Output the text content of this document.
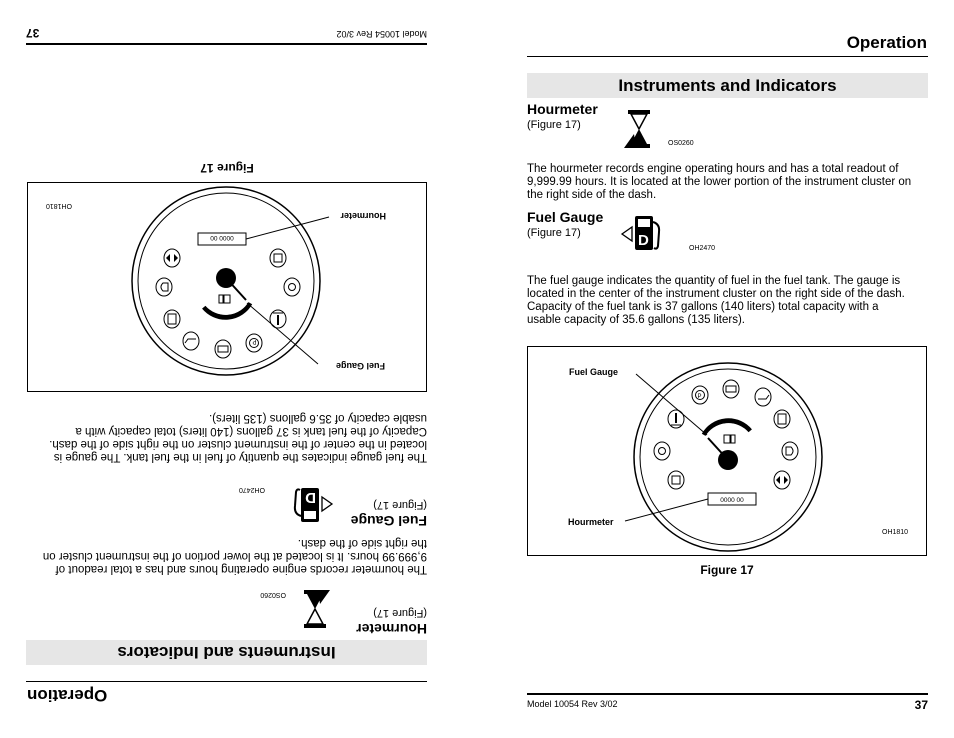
Operation
Instruments and Indicators
Hourmeter
(Figure 17)
OS0260
The hourmeter records engine operating hours and has a total readout of
9,999.99 hours. It is located at the lower portion of the instrument cluster on
the right side of the dash.
Fuel Gauge
(Figure 17)	D	OH2470
The fuel gauge indicates the quantity of fuel in the fuel tank. The gauge is
located in the center of the instrument cluster on the right side of the dash.
Capacity of the fuel tank is 37 gallons (140 liters) total capacity with a
usable capacity of 35.6 gallons (135 liters).
P
0000 00
Fuel Gauge
Hourmeter
OH1810
Figure 17
Model 10054 Rev 3/02	37
Operation
Instruments and Indicators
Hourmeter
(Figure 17)
OS0260
The hourmeter records engine operating hours and has a total readout of
9,999.99 hours. It is located at the lower portion of the instrument cluster on
the right side of the dash.
Fuel Gauge
(Figure 17)
D
OH2470
The fuel gauge indicates the quantity of fuel in the fuel tank. The gauge is
located in the center of the instrument cluster on the right side of the dash.
Capacity of the fuel tank is 37 gallons (140 liters) total capacity with a
usable capacity of 35.6 gallons (135 liters).
P
0000 00
Fuel Gauge
Hourmeter
OH1810
Figure 17
Model 10054 Rev 3/02
37
